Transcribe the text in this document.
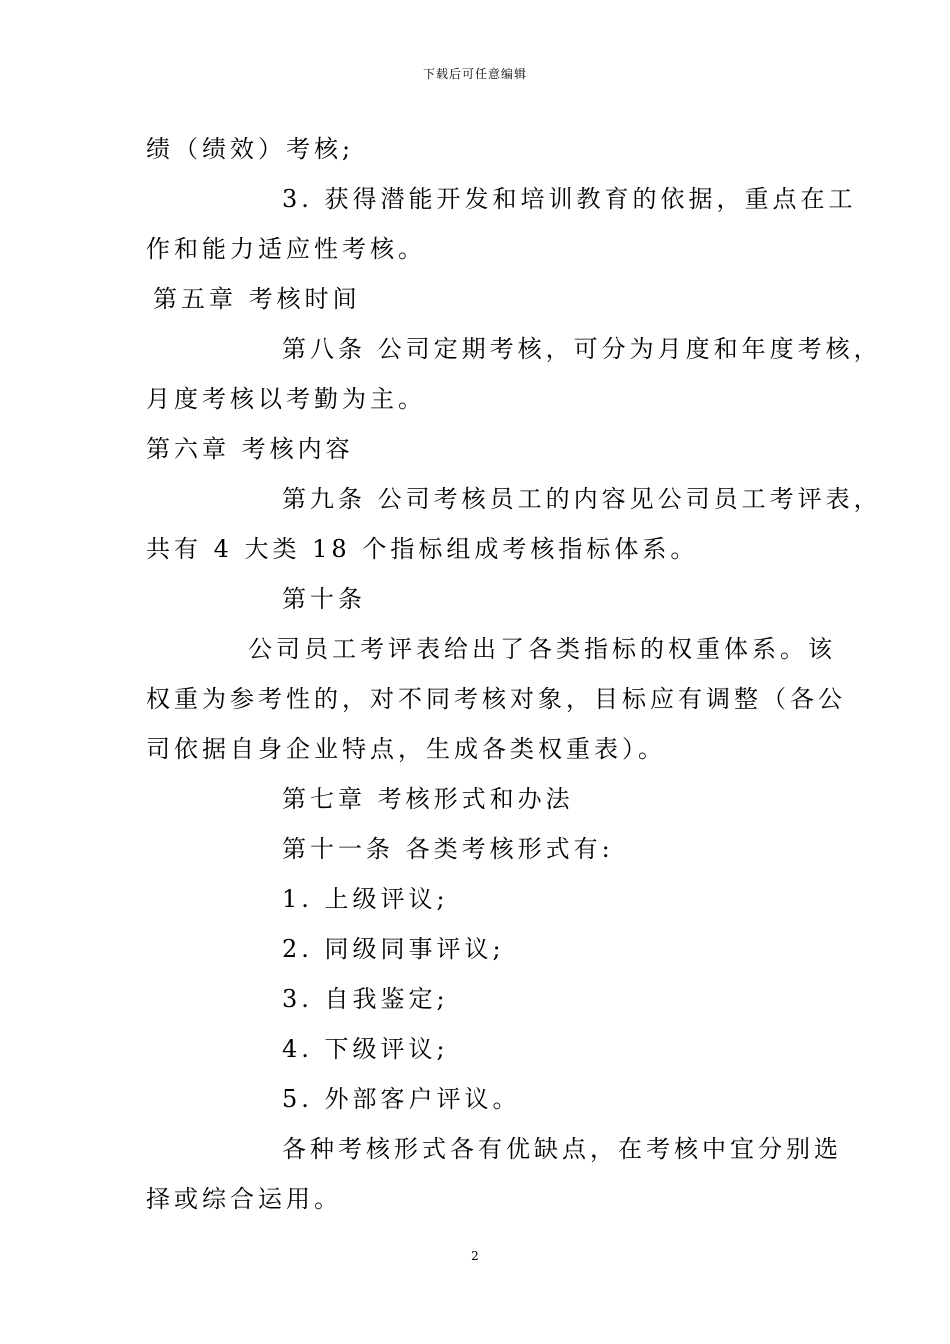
下载后可任意编辑
绩（绩效）考核;
3. 获得潜能开发和培训教育的依据，重点在工
作和能力适应性考核。
第五章 考核时间
第八条 公司定期考核，可分为月度和年度考核，
月度考核以考勤为主。
第六章 考核内容
第九条 公司考核员工的内容见公司员工考评表，
共有 4 大类 18 个指标组成考核指标体系。
第十条
公司员工考评表给出了各类指标的权重体系。该
权重为参考性的，对不同考核对象，目标应有调整（各公
司依据自身企业特点，生成各类权重表）。
第七章 考核形式和办法
第十一条 各类考核形式有:
1. 上级评议;
2. 同级同事评议;
3. 自我鉴定;
4. 下级评议;
5. 外部客户评议。
各种考核形式各有优缺点，在考核中宜分别选
择或综合运用。
2
